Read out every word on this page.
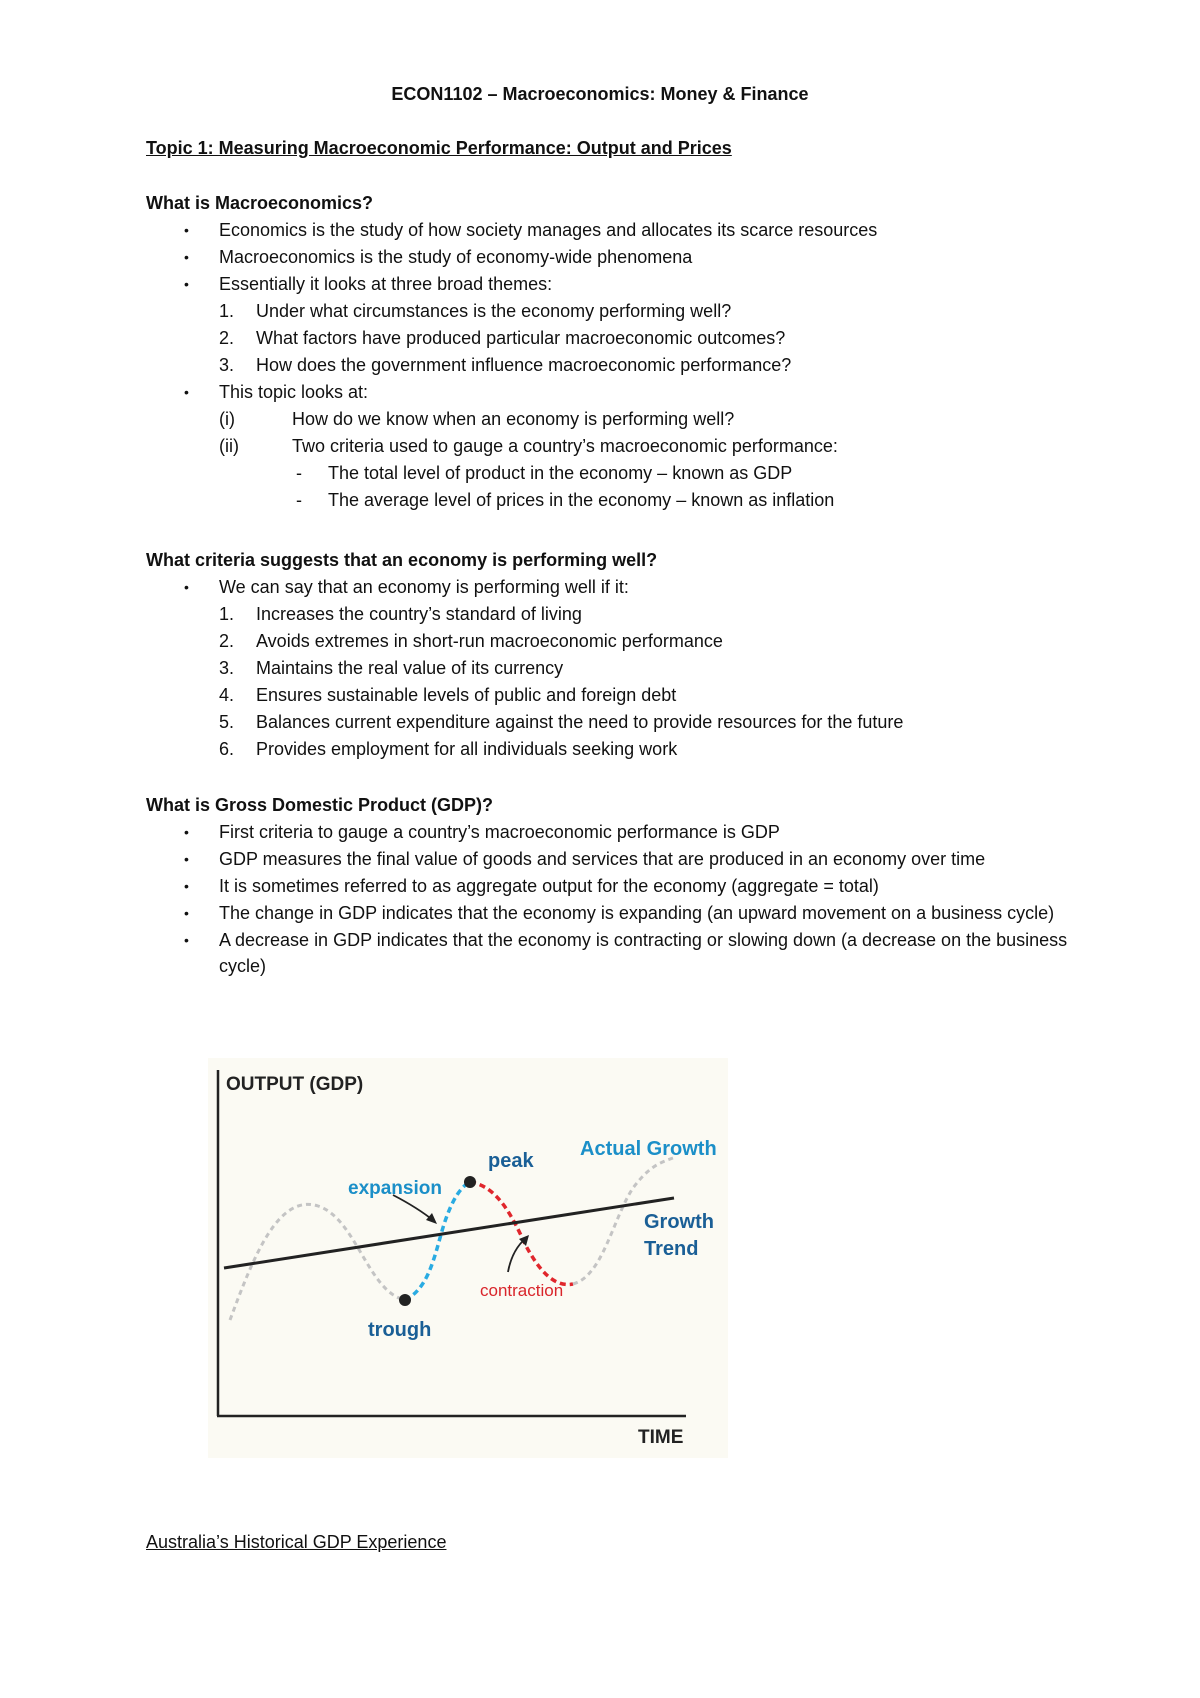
ECON1102 – Macroeconomics: Money & Finance
Topic 1: Measuring Macroeconomic Performance: Output and Prices
What is Macroeconomics?
• Economics is the study of how society manages and allocates its scarce resources
• Macroeconomics is the study of economy-wide phenomena
• Essentially it looks at three broad themes:
1. Under what circumstances is the economy performing well?
2. What factors have produced particular macroeconomic outcomes?
3. How does the government influence macroeconomic performance?
• This topic looks at:
(i)	How do we know when an economy is performing well?
(ii)	Two criteria used to gauge a country’s macroeconomic performance:
- The total level of product in the economy – known as GDP
- The average level of prices in the economy – known as inflation
What criteria suggests that an economy is performing well?
• We can say that an economy is performing well if it:
1. Increases the country’s standard of living
2. Avoids extremes in short-run macroeconomic performance
3. Maintains the real value of its currency
4. Ensures sustainable levels of public and foreign debt
5. Balances current expenditure against the need to provide resources for the future
6. Provides employment for all individuals seeking work
What is Gross Domestic Product (GDP)?
• First criteria to gauge a country’s macroeconomic performance is GDP
• GDP measures the final value of goods and services that are produced in an economy over time
• It is sometimes referred to as aggregate output for the economy (aggregate = total)
• The change in GDP indicates that the economy is expanding (an upward movement on a business cycle)
• A decrease in GDP indicates that the economy is contracting or slowing down (a decrease on the business cycle)
OUTPUT (GDP)
TIME
Actual Growth
Growth
Trend
peak
trough
expansion
contraction
Australia’s Historical GDP Experience
